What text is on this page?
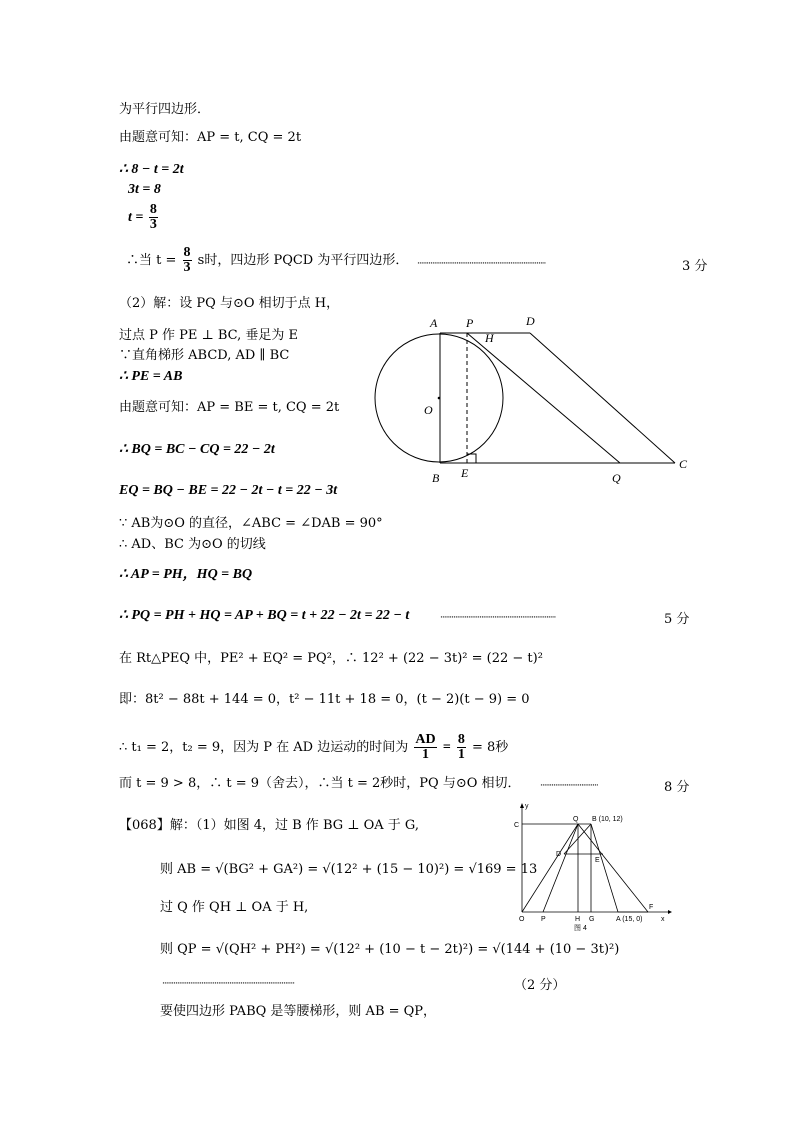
为平行四边形．
由题意可知：AP = t, CQ = 2t
∴ 8 − t = 2t
3t = 8
$t = \frac{8}{3}$
∴当 $t = \frac{8}{3}$ s时，四边形 PQCD 为平行四边形． ·····································································	3 分
（2）解：设 PQ 与⊙O 相切于点 H，
过点 P 作 PE ⊥ BC, 垂足为 E
∵直角梯形 ABCD, AD ∥ BC
∴ PE = AB
由题意可知：AP = BE = t, CQ = 2t
∴ BQ = BC − CQ = 22 − 2t
EQ = BQ − BE = 22 − 2t − t = 22 − 3t
∵ AB为⊙O 的直径，∠ABC = ∠DAB = 90°
∴ AD、BC 为⊙O 的切线
∴ AP = PH，HQ = BQ
∴ PQ = PH + HQ = AP + BQ = t + 22 − 2t = 22 − t	······························································	5 分
在 Rt△PEQ 中，PE² + EQ² = PQ²，∴ 12² + (22 − 3t)² = (22 − t)²
即：8t² − 88t + 144 = 0，t² − 11t + 18 = 0，(t − 2)(t − 9) = 0
∴ t₁ = 2，t₂ = 9，因为 P 在 AD 边运动的时间为 $\frac{AD}{1} = \frac{8}{1} = 8$秒
而 t = 9 > 8，∴ t = 9（舍去），∴当 t = 2秒时，PQ 与⊙O 相切． ·······························	8 分
【068】解：（1）如图 4，过 B 作 BG ⊥ OA 于 G,
则 AB = √(BG² + GA²) = √(12² + (15 − 10)²) = √169 = 13
过 Q 作 QH ⊥ OA 于 H,
则 QP = √(QH² + PH²) = √(12² + (10 − t − 2t)²) = √(144 + (10 − 3t)²)
·······································································	（2 分）
要使四边形 PABQ 是等腰梯形，则 AB = QP，
A P	D
H
O
B E	Q
C
y
C
Q B (10, 12)
D
E
O P	H G	A (15, 0)
F
x
图 4
